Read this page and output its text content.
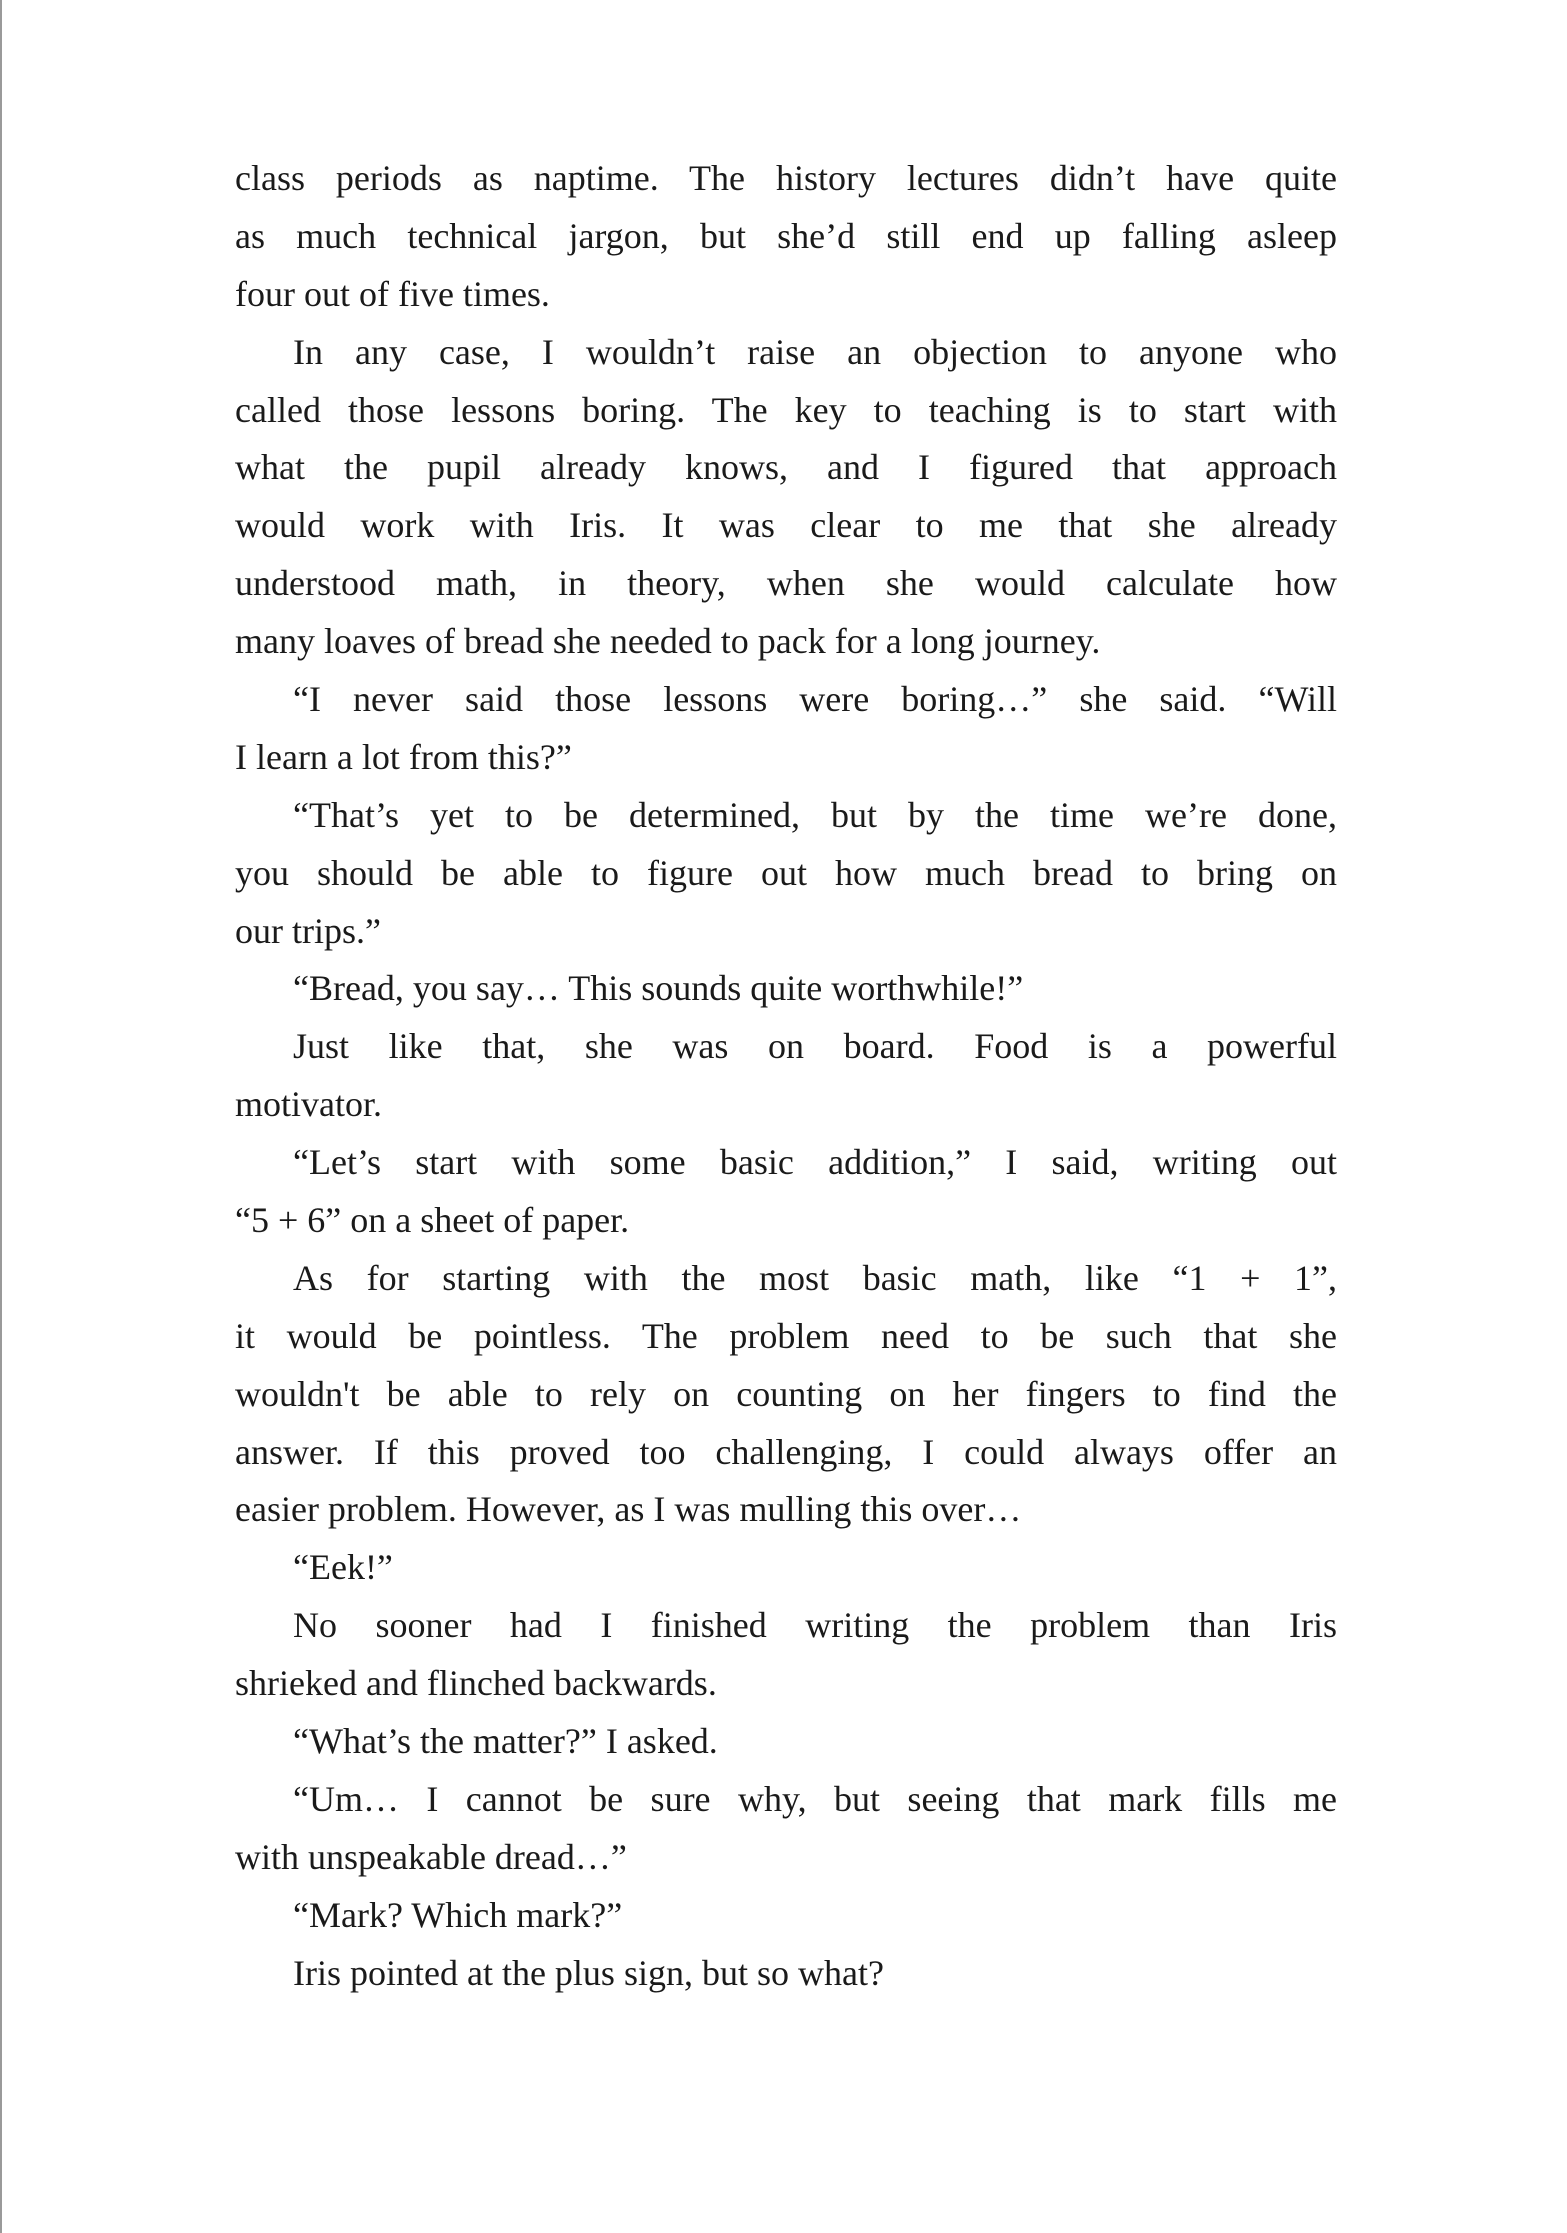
class periods as naptime. The history lectures didn’t have quite
as much technical jargon, but she’d still end up falling asleep
four out of five times.
In any case, I wouldn’t raise an objection to anyone who
called those lessons boring. The key to teaching is to start with
what the pupil already knows, and I figured that approach
would work with Iris. It was clear to me that she already
understood math, in theory, when she would calculate how
many loaves of bread she needed to pack for a long journey.
“I never said those lessons were boring…” she said. “Will
I learn a lot from this?”
“That’s yet to be determined, but by the time we’re done,
you should be able to figure out how much bread to bring on
our trips.”
“Bread, you say… This sounds quite worthwhile!”
Just like that, she was on board. Food is a powerful
motivator.
“Let’s start with some basic addition,” I said, writing out
“5 + 6” on a sheet of paper.
As for starting with the most basic math, like “1 + 1”,
it would be pointless. The problem need to be such that she
wouldn't be able to rely on counting on her fingers to find the
answer. If this proved too challenging, I could always offer an
easier problem. However, as I was mulling this over…
“Eek!”
No sooner had I finished writing the problem than Iris
shrieked and flinched backwards.
“What’s the matter?” I asked.
“Um… I cannot be sure why, but seeing that mark fills me
with unspeakable dread…”
“Mark? Which mark?”
Iris pointed at the plus sign, but so what?
